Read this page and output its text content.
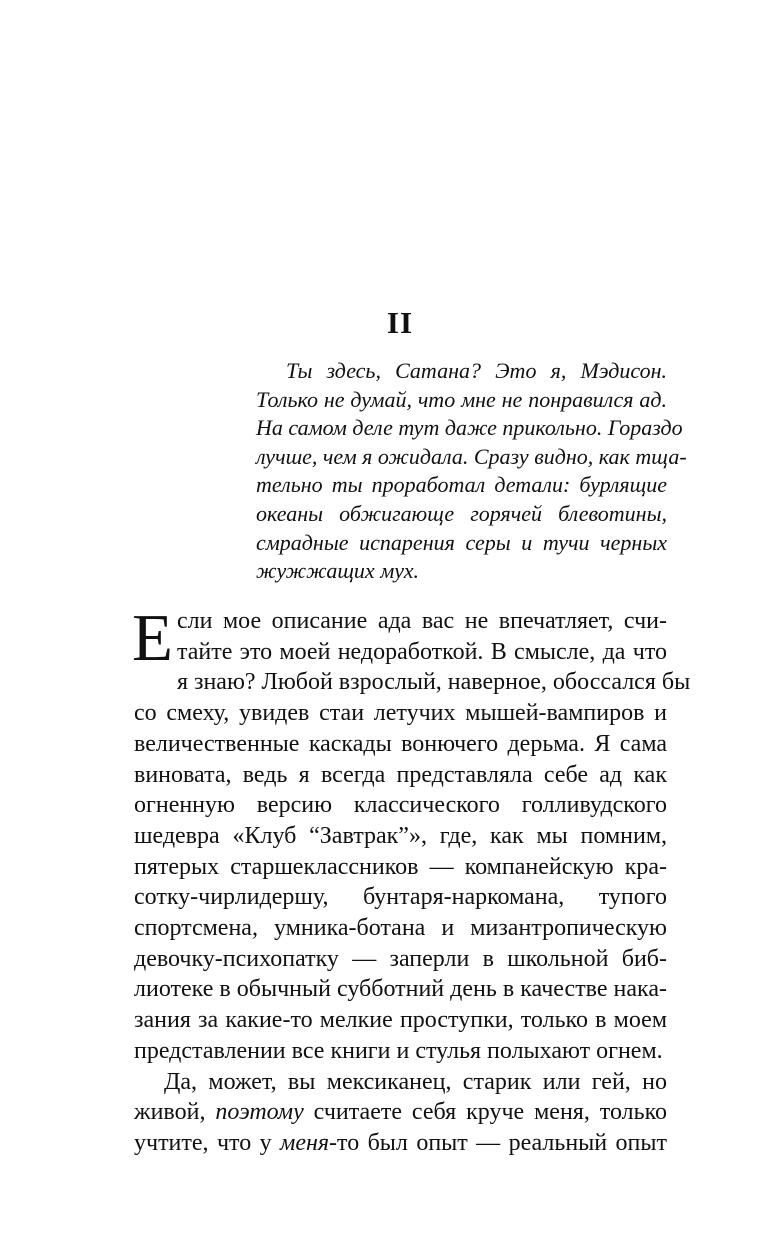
II
Ты здесь, Сатана? Это я, Мэдисон.
Только не думай, что мне не понравился ад.
На самом деле тут даже прикольно. Гораздо
лучше, чем я ожидала. Сразу видно, как тща-
тельно ты проработал детали: бурлящие
океаны обжигающе горячей блевотины,
смрадные испарения серы и тучи черных
жужжащих мух.
Е сли мое описание ада вас не впечатляет, счи-
тайте это моей недоработкой. В смысле, да что
я знаю? Любой взрослый, наверное, обоссался бы
со смеху, увидев стаи летучих мышей-вампиров и
величественные каскады вонючего дерьма. Я сама
виновата, ведь я всегда представляла себе ад как
огненную версию классического голливудского
шедевра «Клуб “Завтрак”», где, как мы помним,
пятерых старшеклассников — компанейскую кра-
сотку-чирлидершу, бунтаря-наркомана, тупого
спортсмена, умника-ботана и мизантропическую
девочку-психопатку — заперли в школьной биб-
лиотеке в обычный субботний день в качестве нака-
зания за какие-то мелкие проступки, только в моем
представлении все книги и стулья полыхают огнем.
Да, может, вы мексиканец, старик или гей, но
живой, поэтому считаете себя круче меня, только
учтите, что у меня-то был опыт — реальный опыт
